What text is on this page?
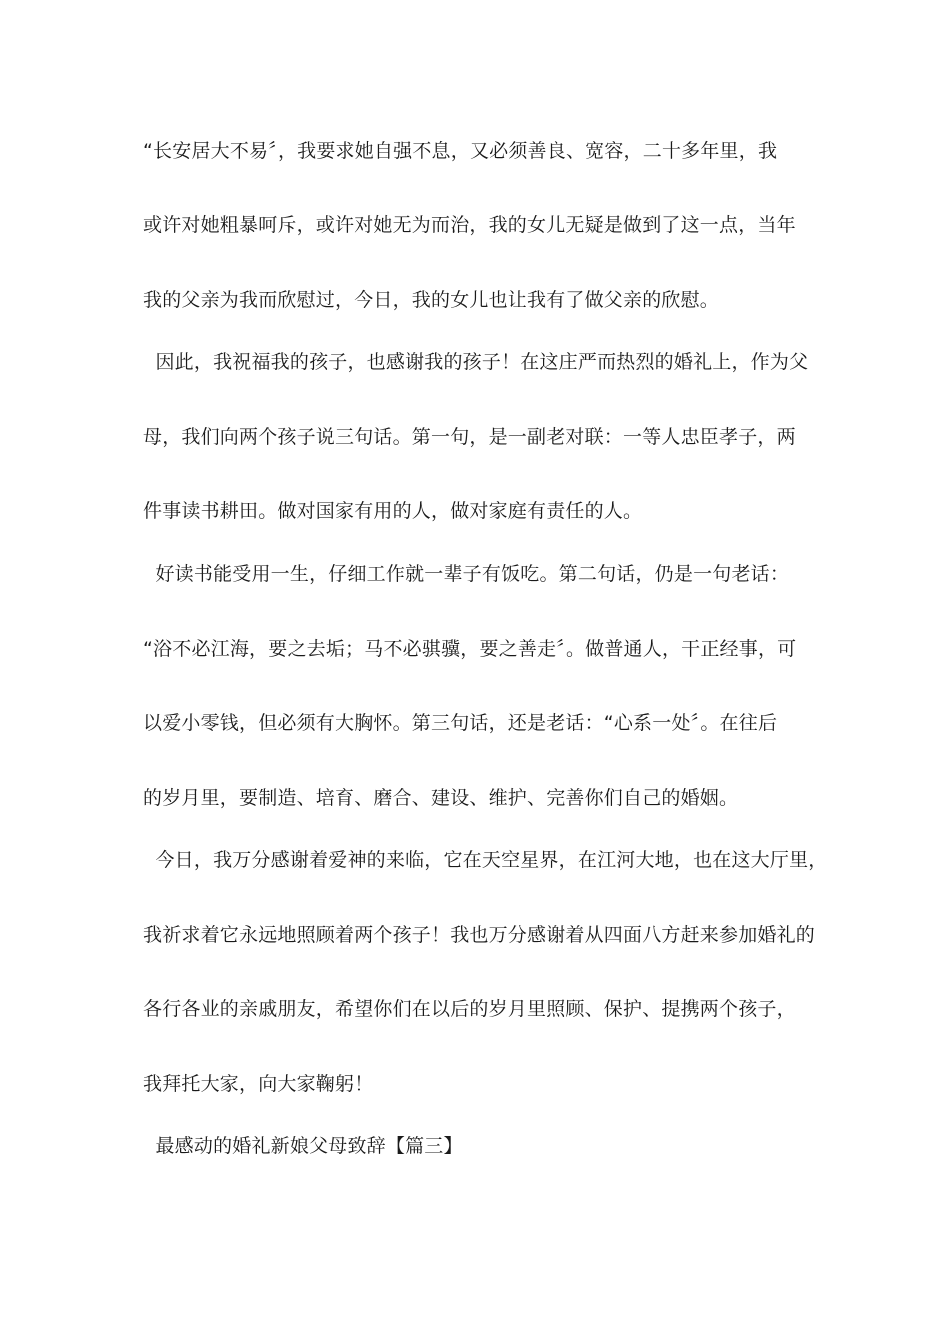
“长安居大不易〞，我要求她自强不息，又必须善良、宽容，二十多年里，我

或许对她粗暴呵斥，或许对她无为而治，我的女儿无疑是做到了这一点，当年

我的父亲为我而欣慰过，今日，我的女儿也让我有了做父亲的欣慰。

因此，我祝福我的孩子，也感谢我的孩子！在这庄严而热烈的婚礼上，作为父

母，我们向两个孩子说三句话。第一句，是一副老对联：一等人忠臣孝子，两

件事读书耕田。做对国家有用的人，做对家庭有责任的人。

好读书能受用一生，仔细工作就一辈子有饭吃。第二句话，仍是一句老话：

“浴不必江海，要之去垢；马不必骐骥，要之善走〞。做普通人，干正经事，可

以爱小零钱，但必须有大胸怀。第三句话，还是老话：“心系一处〞。在往后

的岁月里，要制造、培育、磨合、建设、维护、完善你们自己的婚姻。

今日，我万分感谢着爱神的来临，它在天空星界，在江河大地，也在这大厅里，

我祈求着它永远地照顾着两个孩子！我也万分感谢着从四面八方赶来参加婚礼的

各行各业的亲戚朋友，希望你们在以后的岁月里照顾、保护、提携两个孩子，

我拜托大家，向大家鞠躬！

最感动的婚礼新娘父母致辞【篇三】
